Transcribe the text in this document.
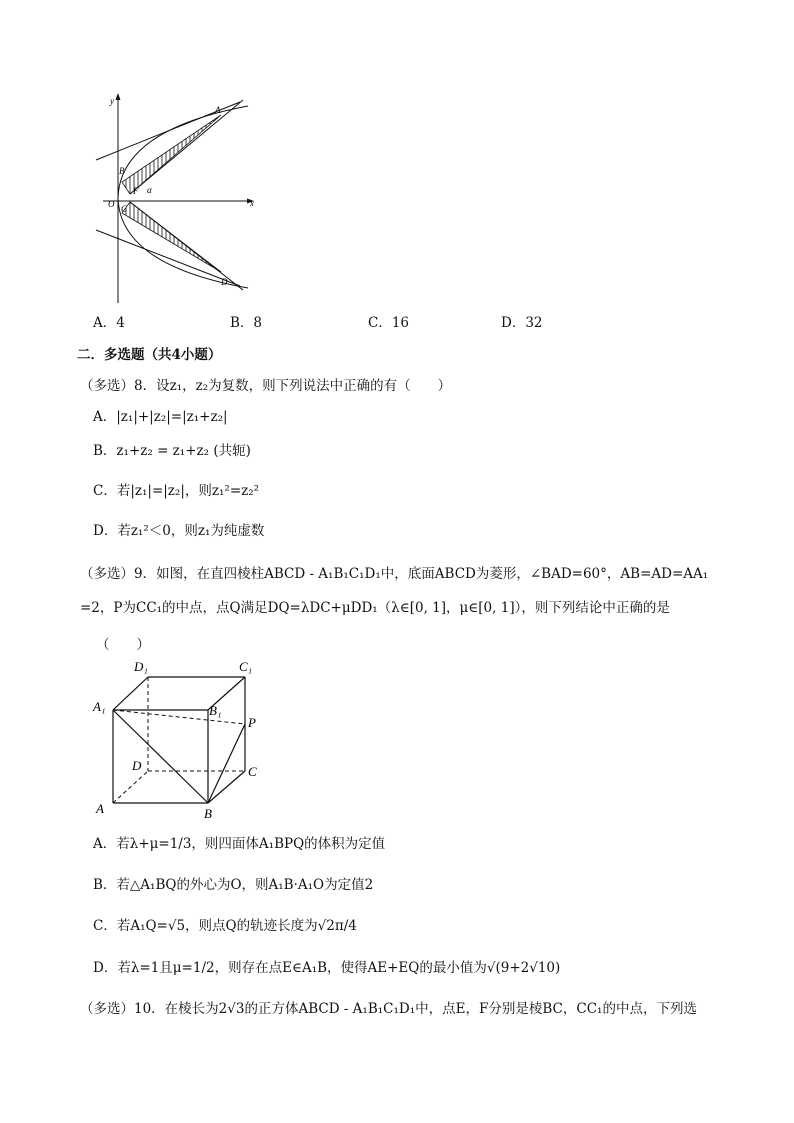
y
x
A
B
O C
D
F α
A．4	B．8	C．16	D．32
二．多选题（共4小题）
（多选）8．设z₁，z₂为复数，则下列说法中正确的有（　　）
A．|z₁|+|z₂|=|z₁+z₂|
B．z₁+z₂ = z₁+z₂ (共轭)
C．若|z₁|=|z₂|，则z₁²=z₂²
D．若z₁²＜0，则z₁为纯虚数
（多选）9．如图，在直四棱柱ABCD - A₁B₁C₁D₁中，底面ABCD为菱形，∠BAD=60°，AB=AD=AA₁
=2，P为CC₁的中点，点Q满足DQ=λDC+μDD₁（λ∈[0, 1]，μ∈[0, 1]），则下列结论中正确的是
（　　）
D₁	C₁
A₁	B₁
P
D	C
A	B
A．若λ+μ=1/3，则四面体A₁BPQ的体积为定值
B．若△A₁BQ的外心为O，则A₁B·A₁O为定值2
C．若A₁Q=√5，则点Q的轨迹长度为√2π/4
D．若λ=1且μ=1/2，则存在点E∈A₁B，使得AE+EQ的最小值为√(9+2√10)
（多选）10．在棱长为2√3的正方体ABCD - A₁B₁C₁D₁中，点E，F分别是棱BC，CC₁的中点，下列选
